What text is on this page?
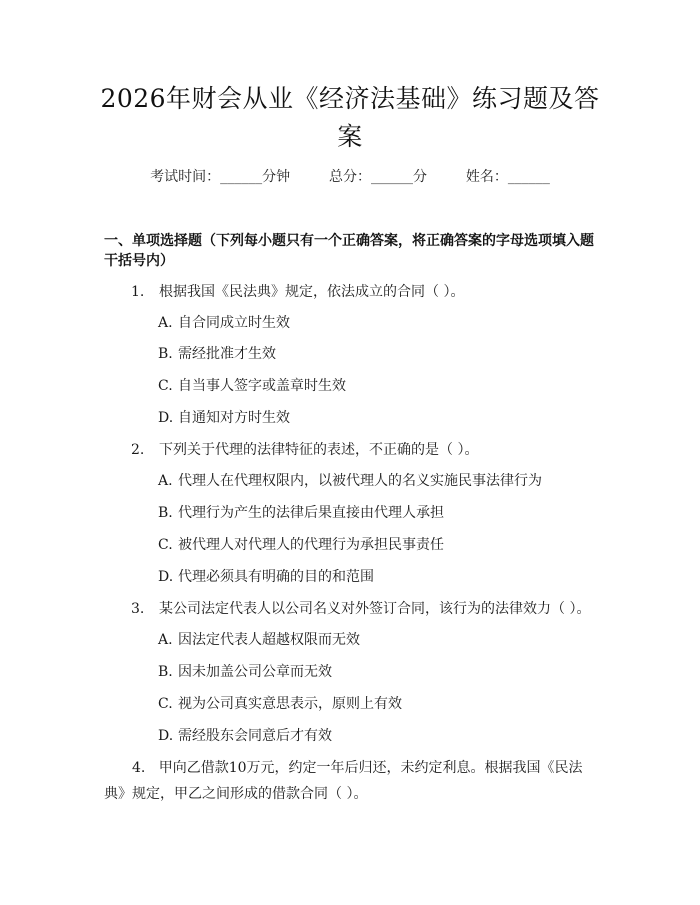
2026年财会从业《经济法基础》练习题及答案
考试时间：______分钟	总分：______分	姓名：______
一、单项选择题（下列每小题只有一个正确答案，将正确答案的字母选项填入题干括号内）
1. 根据我国《民法典》规定，依法成立的合同（ ）。
A. 自合同成立时生效
B. 需经批准才生效
C. 自当事人签字或盖章时生效
D. 自通知对方时生效
2. 下列关于代理的法律特征的表述，不正确的是（ ）。
A. 代理人在代理权限内，以被代理人的名义实施民事法律行为
B. 代理行为产生的法律后果直接由代理人承担
C. 被代理人对代理人的代理行为承担民事责任
D. 代理必须具有明确的目的和范围
3. 某公司法定代表人以公司名义对外签订合同，该行为的法律效力（ ）。
A. 因法定代表人超越权限而无效
B. 因未加盖公司公章而无效
C. 视为公司真实意思表示，原则上有效
D. 需经股东会同意后才有效
4. 甲向乙借款10万元，约定一年后归还，未约定利息。根据我国《民法典》规定，甲乙之间形成的借款合同（ ）。
